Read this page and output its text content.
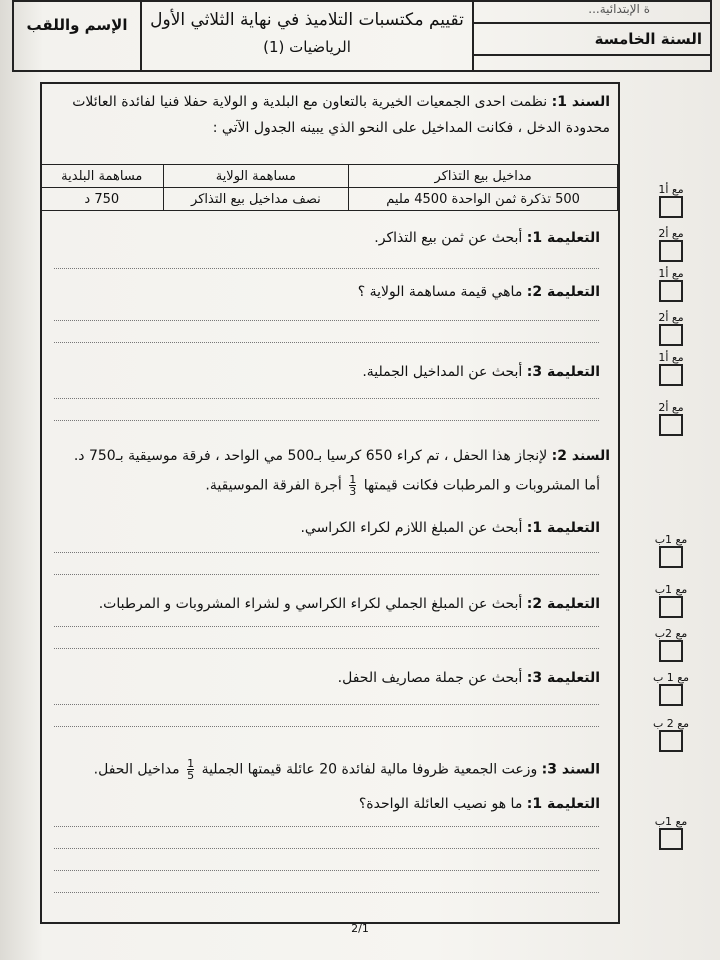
الإسم واللقب	تقييم مكتسبات التلاميذ في نهاية الثلاثي الأول
الرياضيات (1)
...ة الإبتدائية
السنة الخامسة
السند 1: نظمت احدى الجمعيات الخيرية بالتعاون مع البلدية و الولاية حفلا فنيا لفائدة العائلات
محدودة الدخل ، فكانت المداخيل على النحو الذي يبينه الجدول الآتي :
مداخيل بيع التذاكر	مساهمة الولاية	مساهمة البلدية
500 تذكرة ثمن الواحدة 4500 مليم	نصف مداخيل بيع التذاكر	750 د
التعليمة 1: أبحث عن ثمن بيع التذاكر.
التعليمة 2: ماهي قيمة مساهمة الولاية ؟
التعليمة 3: أبحث عن المداخيل الجملية.
السند 2: لإنجاز هذا الحفل ، تم كراء 650 كرسيا بـ500 مي الواحد ، فرقة موسيقية بـ750 د.
أما المشروبات و المرطبات فكانت قيمتها
$\frac{1}{3}$
أجرة الفرقة الموسيقية.
التعليمة 1: أبحث عن المبلغ اللازم لكراء الكراسي.
التعليمة 2: أبحث عن المبلغ الجملي لكراء الكراسي و لشراء المشروبات و المرطبات.
التعليمة 3: أبحث عن جملة مصاريف الحفل.
السند 3: وزعت الجمعية ظروفا مالية لفائدة 20 عائلة قيمتها الجملية
$\frac{1}{5}$
مداخيل الحفل.
التعليمة 1: ما هو نصيب العائلة الواحدة؟
مع أ1
مع أ2
مع أ1
مع أ2
مع أ1
مع أ2
مع 1ب
مع 1ب
مع 2ب
مع 1 ب
مع 2 ب
مع 1ب
2/1
